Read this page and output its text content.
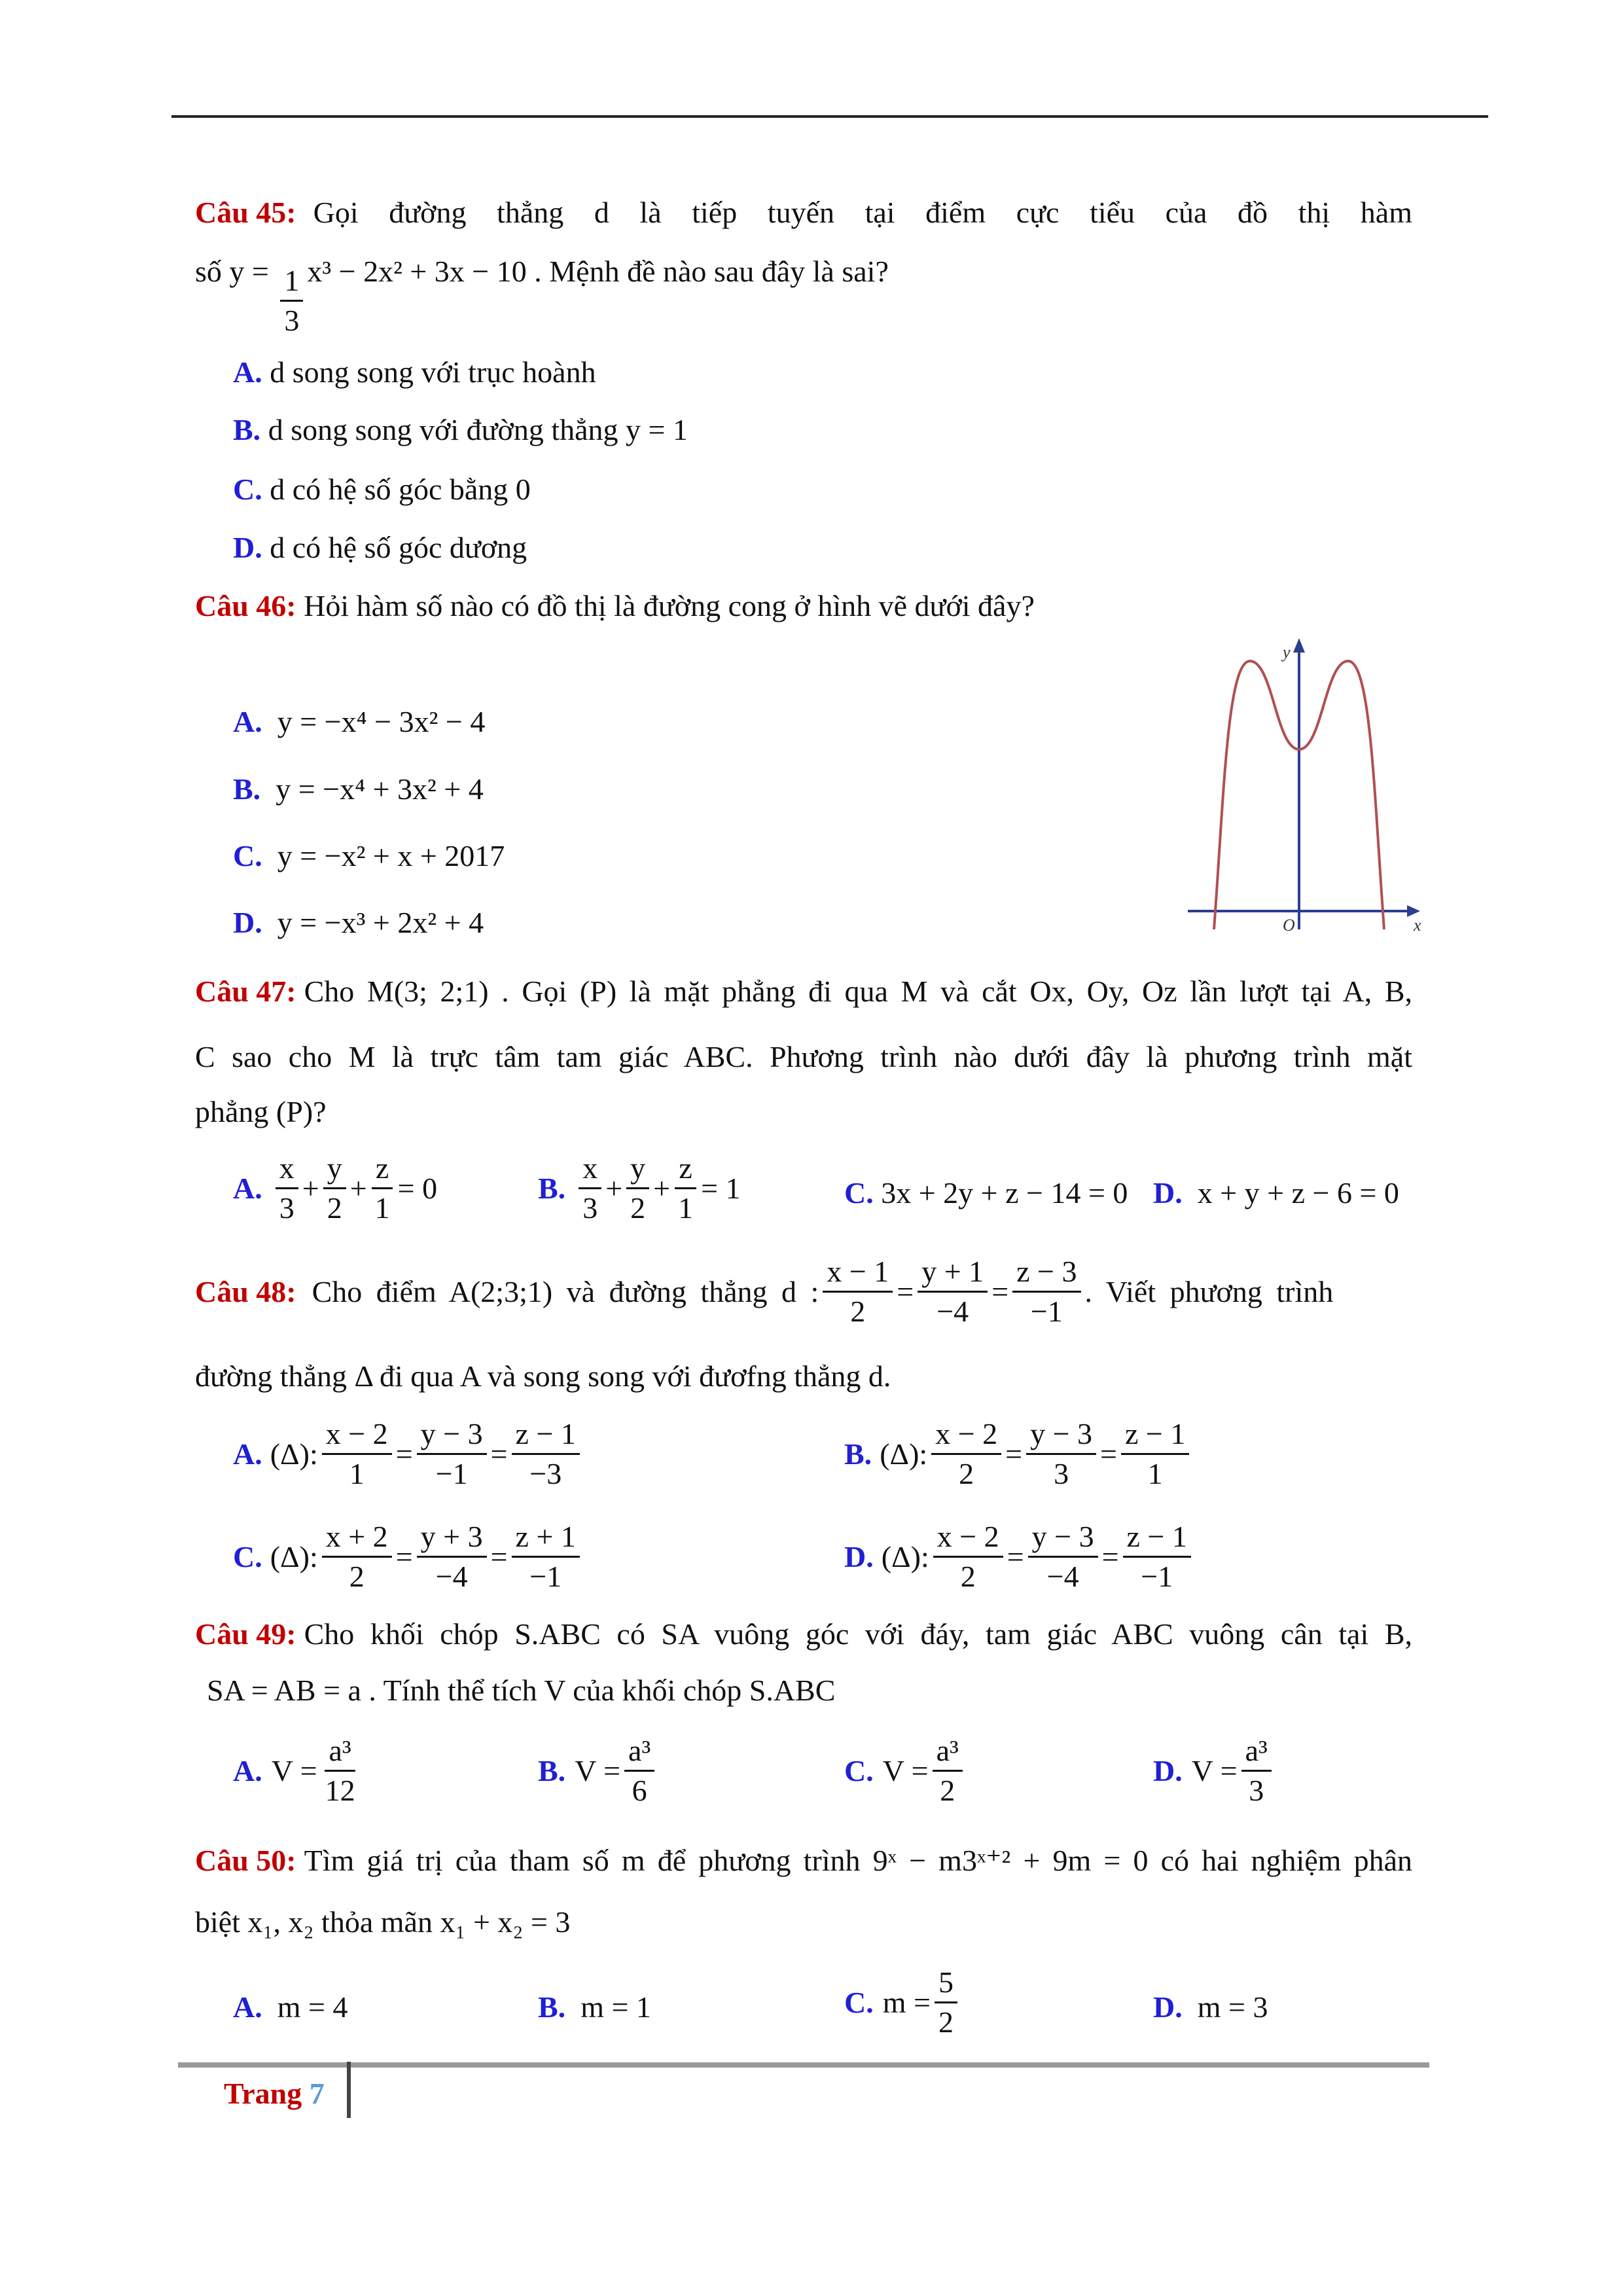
Câu 45: Gọi đường thẳng d là tiếp tuyến tại điểm cực tiểu của đồ thị hàm
số $y = \frac{1}{3} x^3 - 2x^2 + 3x - 10$ . Mệnh đề nào sau đây là sai?
A. d song song với trục hoành
B. d song song với đường thẳng y = 1
C. d có hệ số góc bằng 0
D. d có hệ số góc dương
Câu 46: Hỏi hàm số nào có đồ thị là đường cong ở hình vẽ dưới đây?
A. y = −x⁴ − 3x² − 4
B. y = −x⁴ + 3x² + 4
C. y = −x² + x + 2017
D. y = −x³ + 2x² + 4
y
x
O
Câu 47: Cho M(3; 2;1) . Gọi (P) là mặt phẳng đi qua M và cắt Ox, Oy, Oz lần lượt tại A, B,
C sao cho M là trực tâm tam giác ABC. Phương trình nào dưới đây là phương trình mặt
phẳng (P)?
A. $\frac{x}{3} + \frac{y}{2} + \frac{z}{1} = 0$	B. $\frac{x}{3} + \frac{y}{2} + \frac{z}{1} = 1$	C. 3x + 2y + z − 14 = 0 D. x + y + z − 6 = 0
Câu 48: Cho điểm A(2;3;1) và đường thẳng d : $\frac{x - 1}{2} = \frac{y + 1}{-4} = \frac{z - 3}{-1}$ . Viết phương trình
đường thẳng Δ đi qua A và song song với đươfng thẳng d.
A. (Δ): $\frac{x - 2}{1} = \frac{y - 3}{-1} = \frac{z - 1}{-3}$	B. (Δ): $\frac{x - 2}{2} = \frac{y - 3}{3} = \frac{z - 1}{1}$
C. (Δ): $\frac{x + 2}{2} = \frac{y + 3}{-4} = \frac{z + 1}{-1}$	D. (Δ): $\frac{x - 2}{2} = \frac{y - 3}{-4} = \frac{z - 1}{-1}$
Câu 49: Cho khối chóp S.ABC có SA vuông góc với đáy, tam giác ABC vuông cân tại B,
SA = AB = a . Tính thể tích V của khối chóp S.ABC
A. $V = \frac{\text{a³}}{12}$	B. $V = \frac{\text{a³}}{6}$	C. $V = \frac{\text{a³}}{2}$	D. $V = \frac{\text{a³}}{3}$
Câu 50: Tìm giá trị của tham số m để phương trình 9ˣ − m3ˣ⁺² + 9m = 0 có hai nghiệm phân
biệt x₁, x₂ thỏa mãn x₁ + x₂ = 3
A. m = 4	B. m = 1	C. $m = \frac{5}{2}$	D. m = 3
Trang 7
